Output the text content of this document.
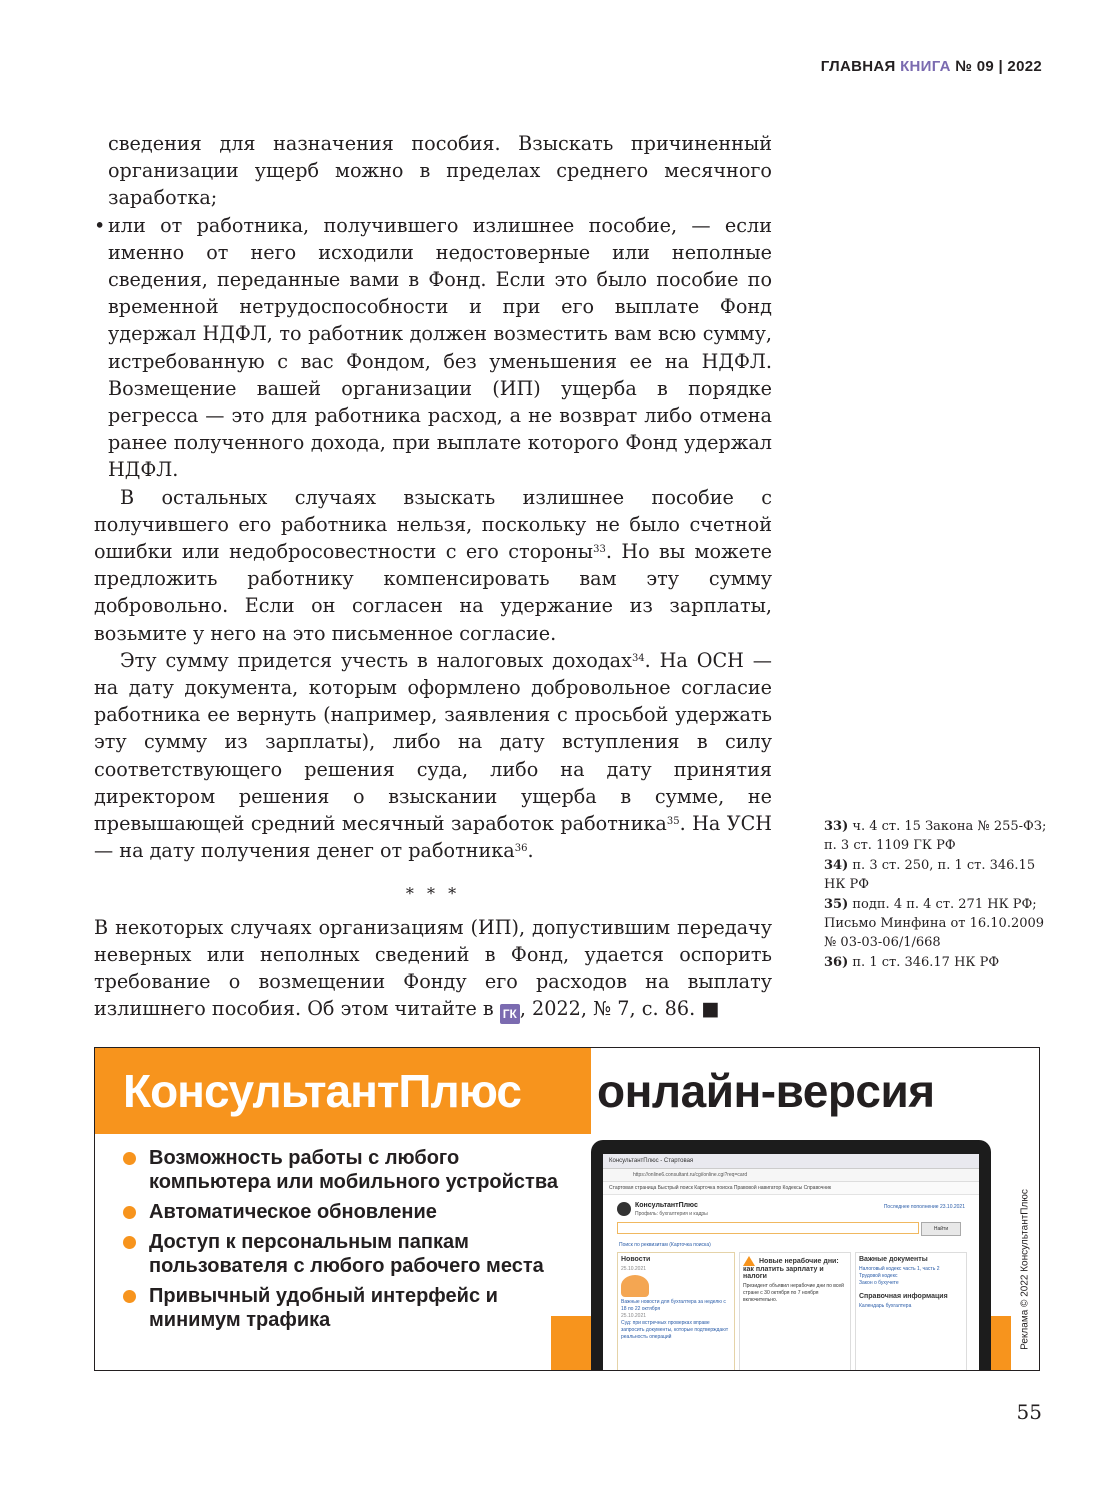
ГЛАВНАЯ КНИГА № 09 | 2022

сведения для назначения пособия. Взыскать причиненный организации ущерб можно в пределах среднего месячного заработка;

• или от работника, получившего излишнее пособие, — если именно от него исходили недостоверные или неполные сведения, переданные вами в Фонд. Если это было пособие по временной нетрудоспособности и при его выплате Фонд удержал НДФЛ, то работник должен возместить вам всю сумму, истребованную с вас Фондом, без уменьшения ее на НДФЛ. Возмещение вашей организации (ИП) ущерба в порядке регресса — это для работника расход, а не возврат либо отмена ранее полученного дохода, при выплате которого Фонд удержал НДФЛ.

В остальных случаях взыскать излишнее пособие с получившего его работника нельзя, поскольку не было счетной ошибки или недобросовестности с его стороны$^{33}$. Но вы можете предложить работнику компенсировать вам эту сумму добровольно. Если он согласен на удержание из зарплаты, возьмите у него на это письменное согласие.

Эту сумму придется учесть в налоговых доходах$^{34}$. На ОСН — на дату документа, которым оформлено добровольное согласие работника ее вернуть (например, заявления с просьбой удержать эту сумму из зарплаты), либо на дату вступления в силу соответствующего решения суда, либо на дату принятия директором решения о взыскании ущерба в сумме, не превышающей средний месячный заработок работника$^{35}$. На УСН — на дату получения денег от работника$^{36}$.

* * *

В некоторых случаях организациям (ИП), допустившим передачу неверных или неполных сведений в Фонд, удается оспорить требование о возмещении Фонду его расходов на выплату излишнего пособия. Об этом читайте в ГК , 2022, № 7, с. 86. ■

33) ч. 4 ст. 15 Закона № 255-ФЗ; п. 3 ст. 1109 ГК РФ
34) п. 3 ст. 250, п. 1 ст. 346.15 НК РФ
35) подп. 4 п. 4 ст. 271 НК РФ; Письмо Минфина от 16.10.2009 № 03-03-06/1/668
36) п. 1 ст. 346.17 НК РФ
КонсультантПлюс онлайн-версия
Возможность работы с любого компьютера или мобильного устройства
Автоматическое обновление
Доступ к персональным папкам пользователя с любого рабочего места
Привычный удобный интерфейс и минимум трафика
КонсультантПлюс - Стартовая
https://online6.consultant.ru/cgi/online.cgi?req=card
Стартовая страница Быстрый поиск Карточка поиска Правовой навигатор Кодексы Справочник
КонсультантПлюс
Профиль: бухгалтерия и кадры
Последнее пополнение 23.10.2021
Найти
Поиск по реквизитам (Карточка поиска)
Новости
25.10.2021
Важные новости для бухгалтера за неделю с 18 по 22 октября
25.10.2021
Суд: при встречных проверках вправе запросить документы, которые подтверждают реальность операций
Новые нерабочие дни: как платить зарплату и налоги
Президент объявил нерабочие дни по всей стране с 30 октября по 7 ноября включительно.
Важные документы
Налоговый кодекс часть 1, часть 2
Трудовой кодекс
Закон о бухучете
Справочная информация
Календарь бухгалтера	Реклама © 2022 КонсультантПлюс
55
